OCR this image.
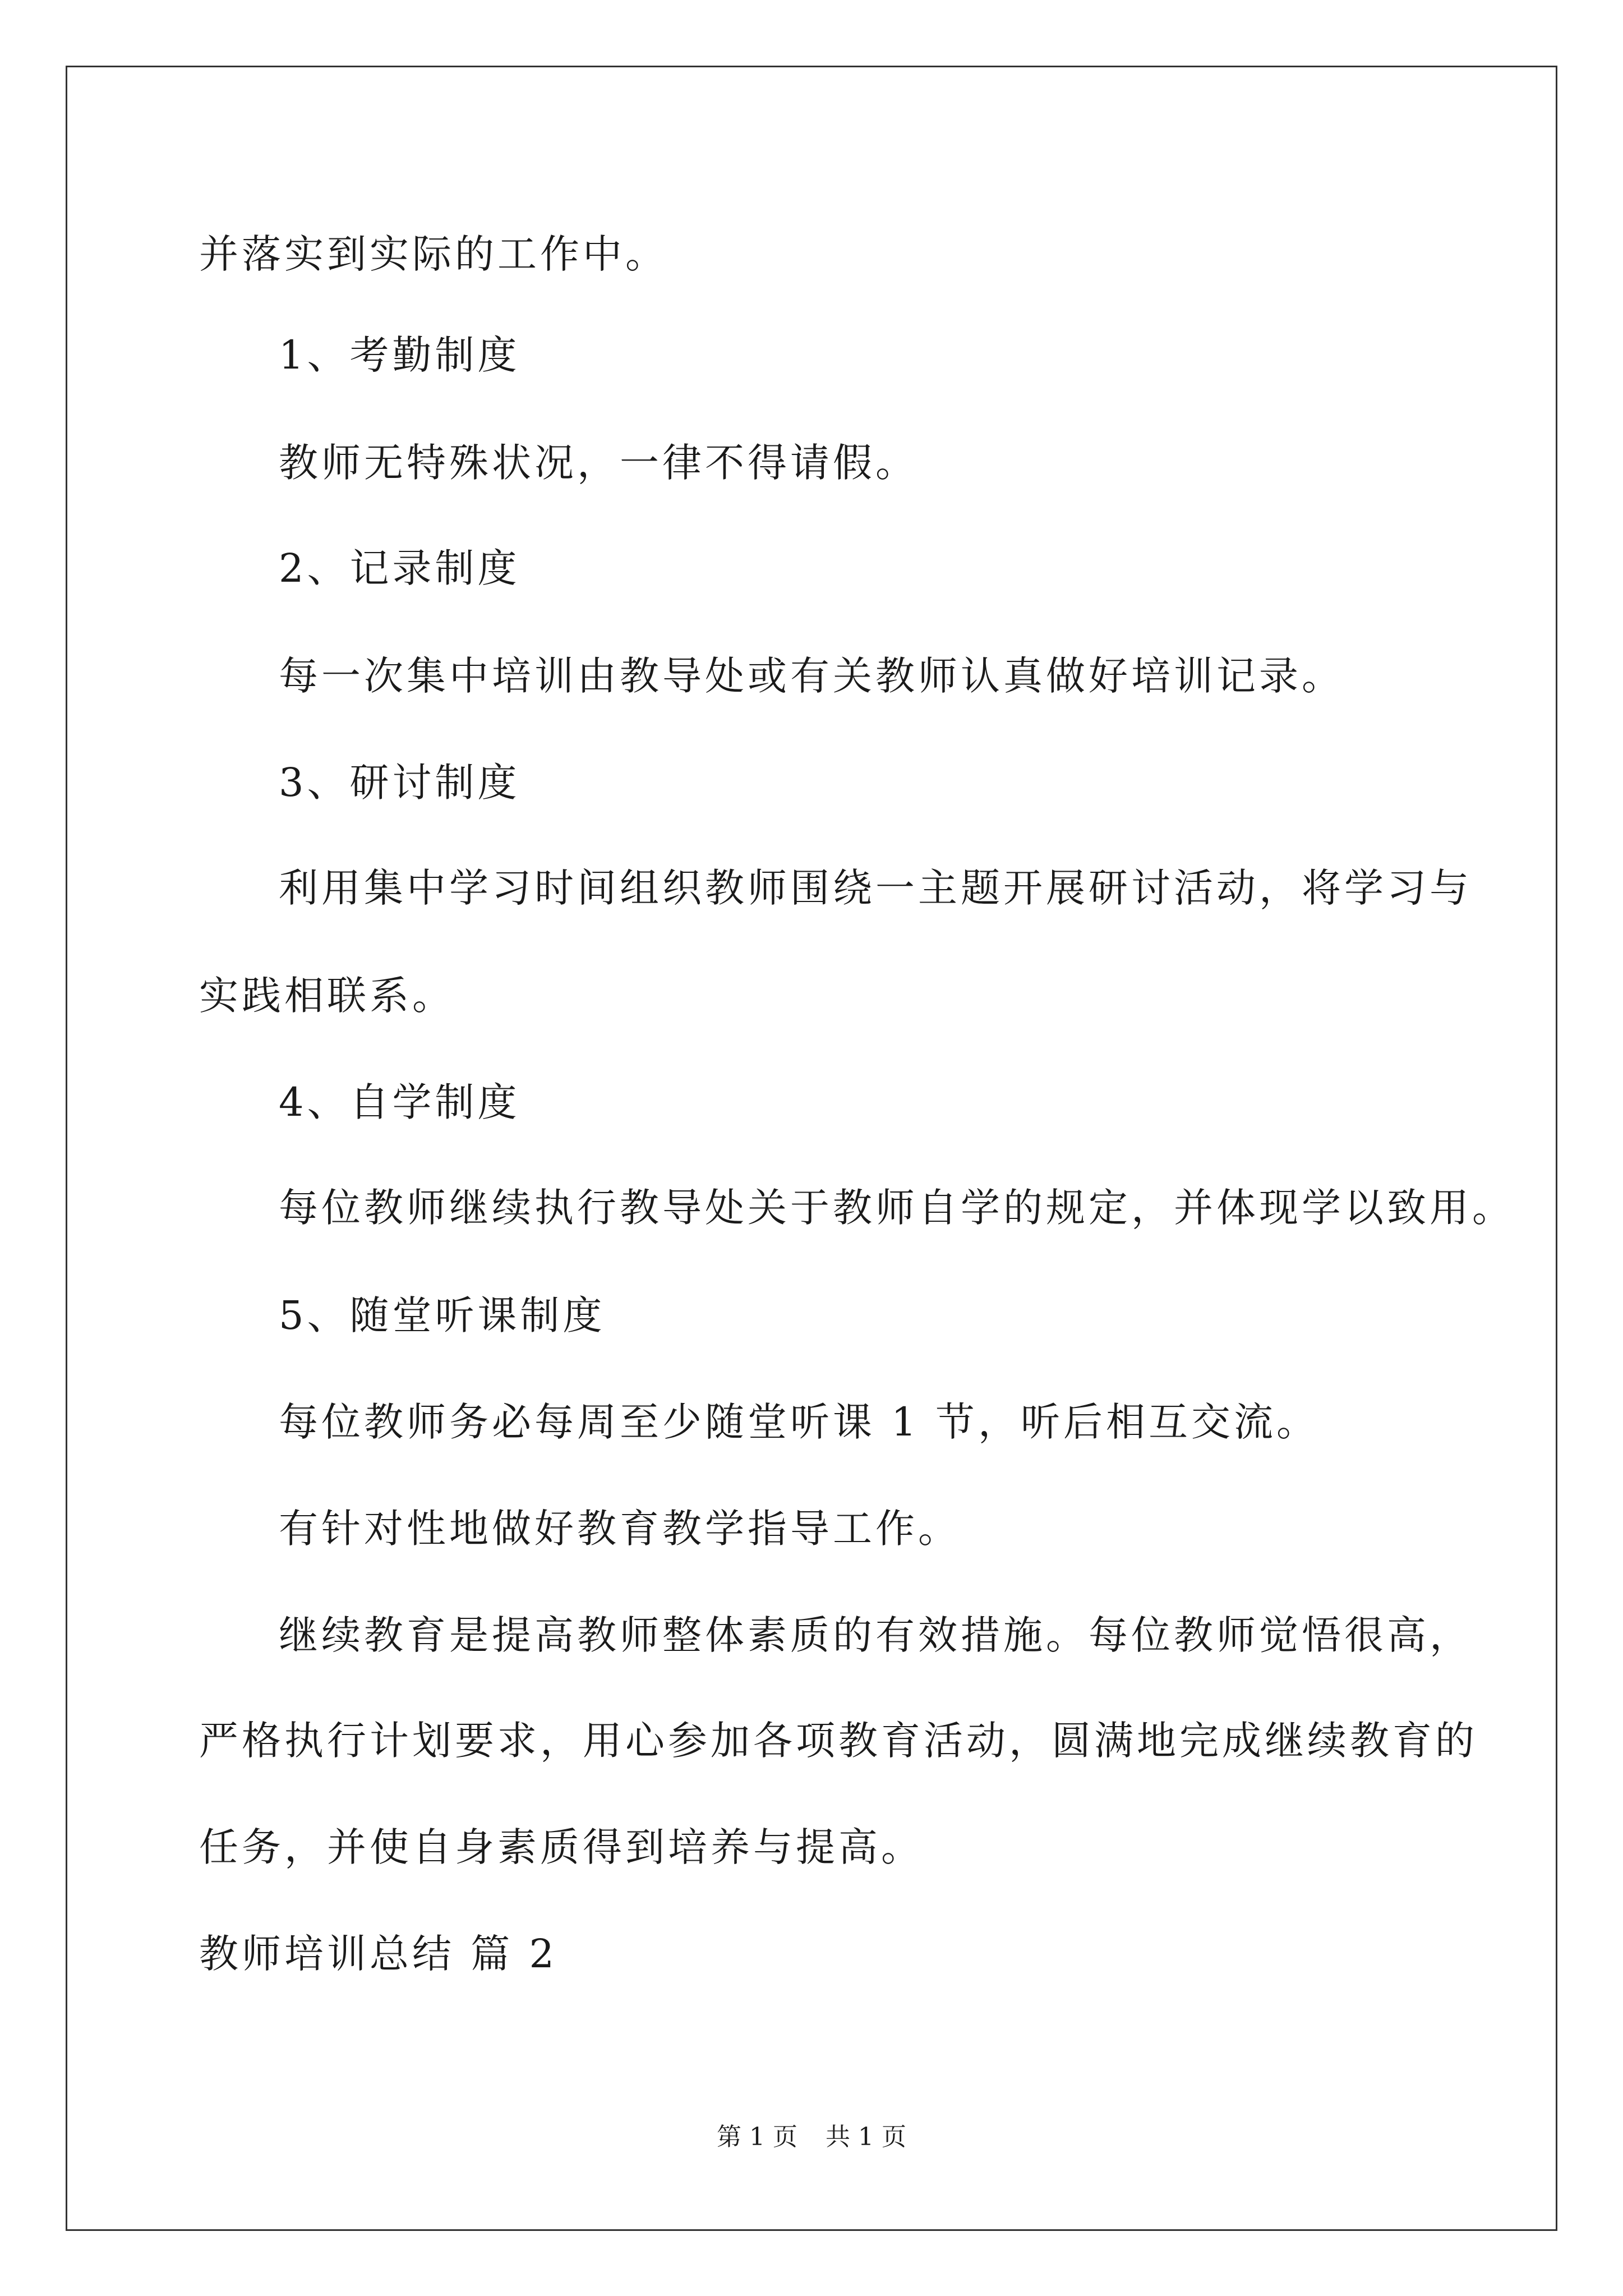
并落实到实际的工作中。
1、考勤制度
教师无特殊状况，一律不得请假。
2、记录制度
每一次集中培训由教导处或有关教师认真做好培训记录。
3、研讨制度
利用集中学习时间组织教师围绕一主题开展研讨活动，将学习与
实践相联系。
4、自学制度
每位教师继续执行教导处关于教师自学的规定，并体现学以致用。
5、随堂听课制度
每位教师务必每周至少随堂听课 1 节，听后相互交流。
有针对性地做好教育教学指导工作。
继续教育是提高教师整体素质的有效措施。每位教师觉悟很高，
严格执行计划要求，用心参加各项教育活动，圆满地完成继续教育的
任务，并使自身素质得到培养与提高。
教师培训总结 篇 2
第 1 页 共 1 页
